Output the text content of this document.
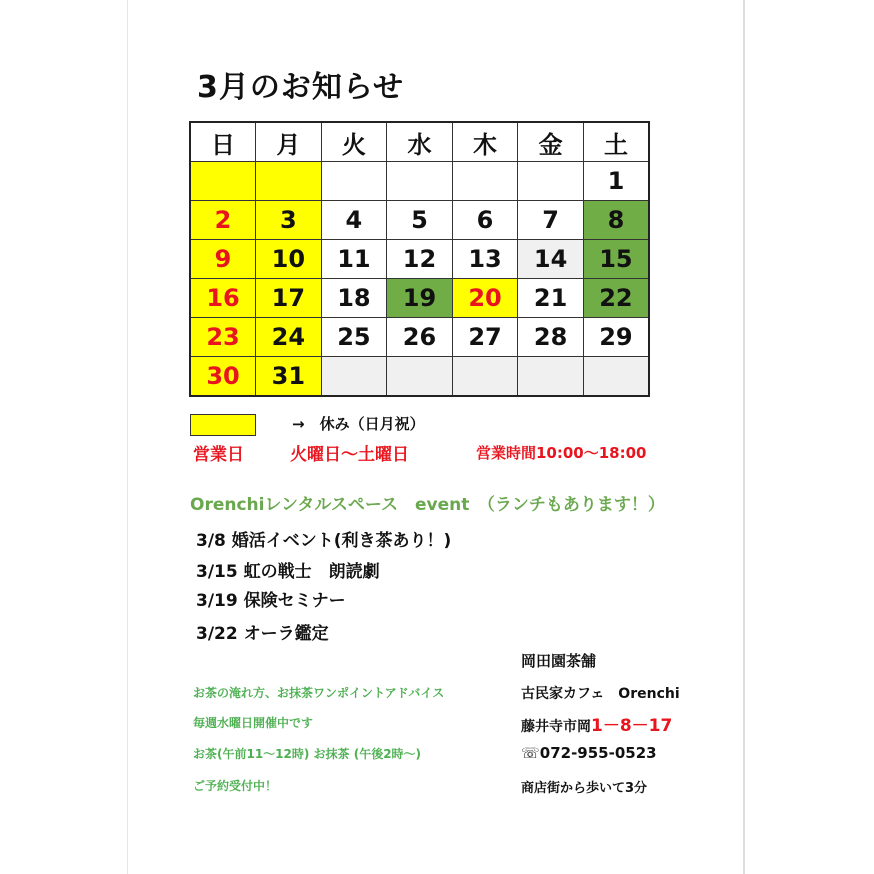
3月のお知らせ
日	月	火	水	木	金	土
						1
2	3	4	5	6	7	8
9	10	11	12	13	14	15
16	17	18	19	20	21	22
23	24	25	26	27	28	29
30	31					
→　休み（日月祝）
営業日	火曜日～土曜日	営業時間10:00～18:00
Orenchiレンタルスペース　event　（ランチもあります！）
3/8 婚活イベント(利き茶あり！)
3/15 虹の戦士　朗読劇
3/19 保険セミナー
3/22 オーラ鑑定
お茶の淹れ方、お抹茶ワンポイントアドバイス
毎週水曜日開催中です
お茶(午前11～12時) お抹茶 (午後2時～)
ご予約受付中！
岡田園茶舗
古民家カフェ　Orenchi
藤井寺市岡1－8－17
☏072-955-0523
商店街から歩いて3分
